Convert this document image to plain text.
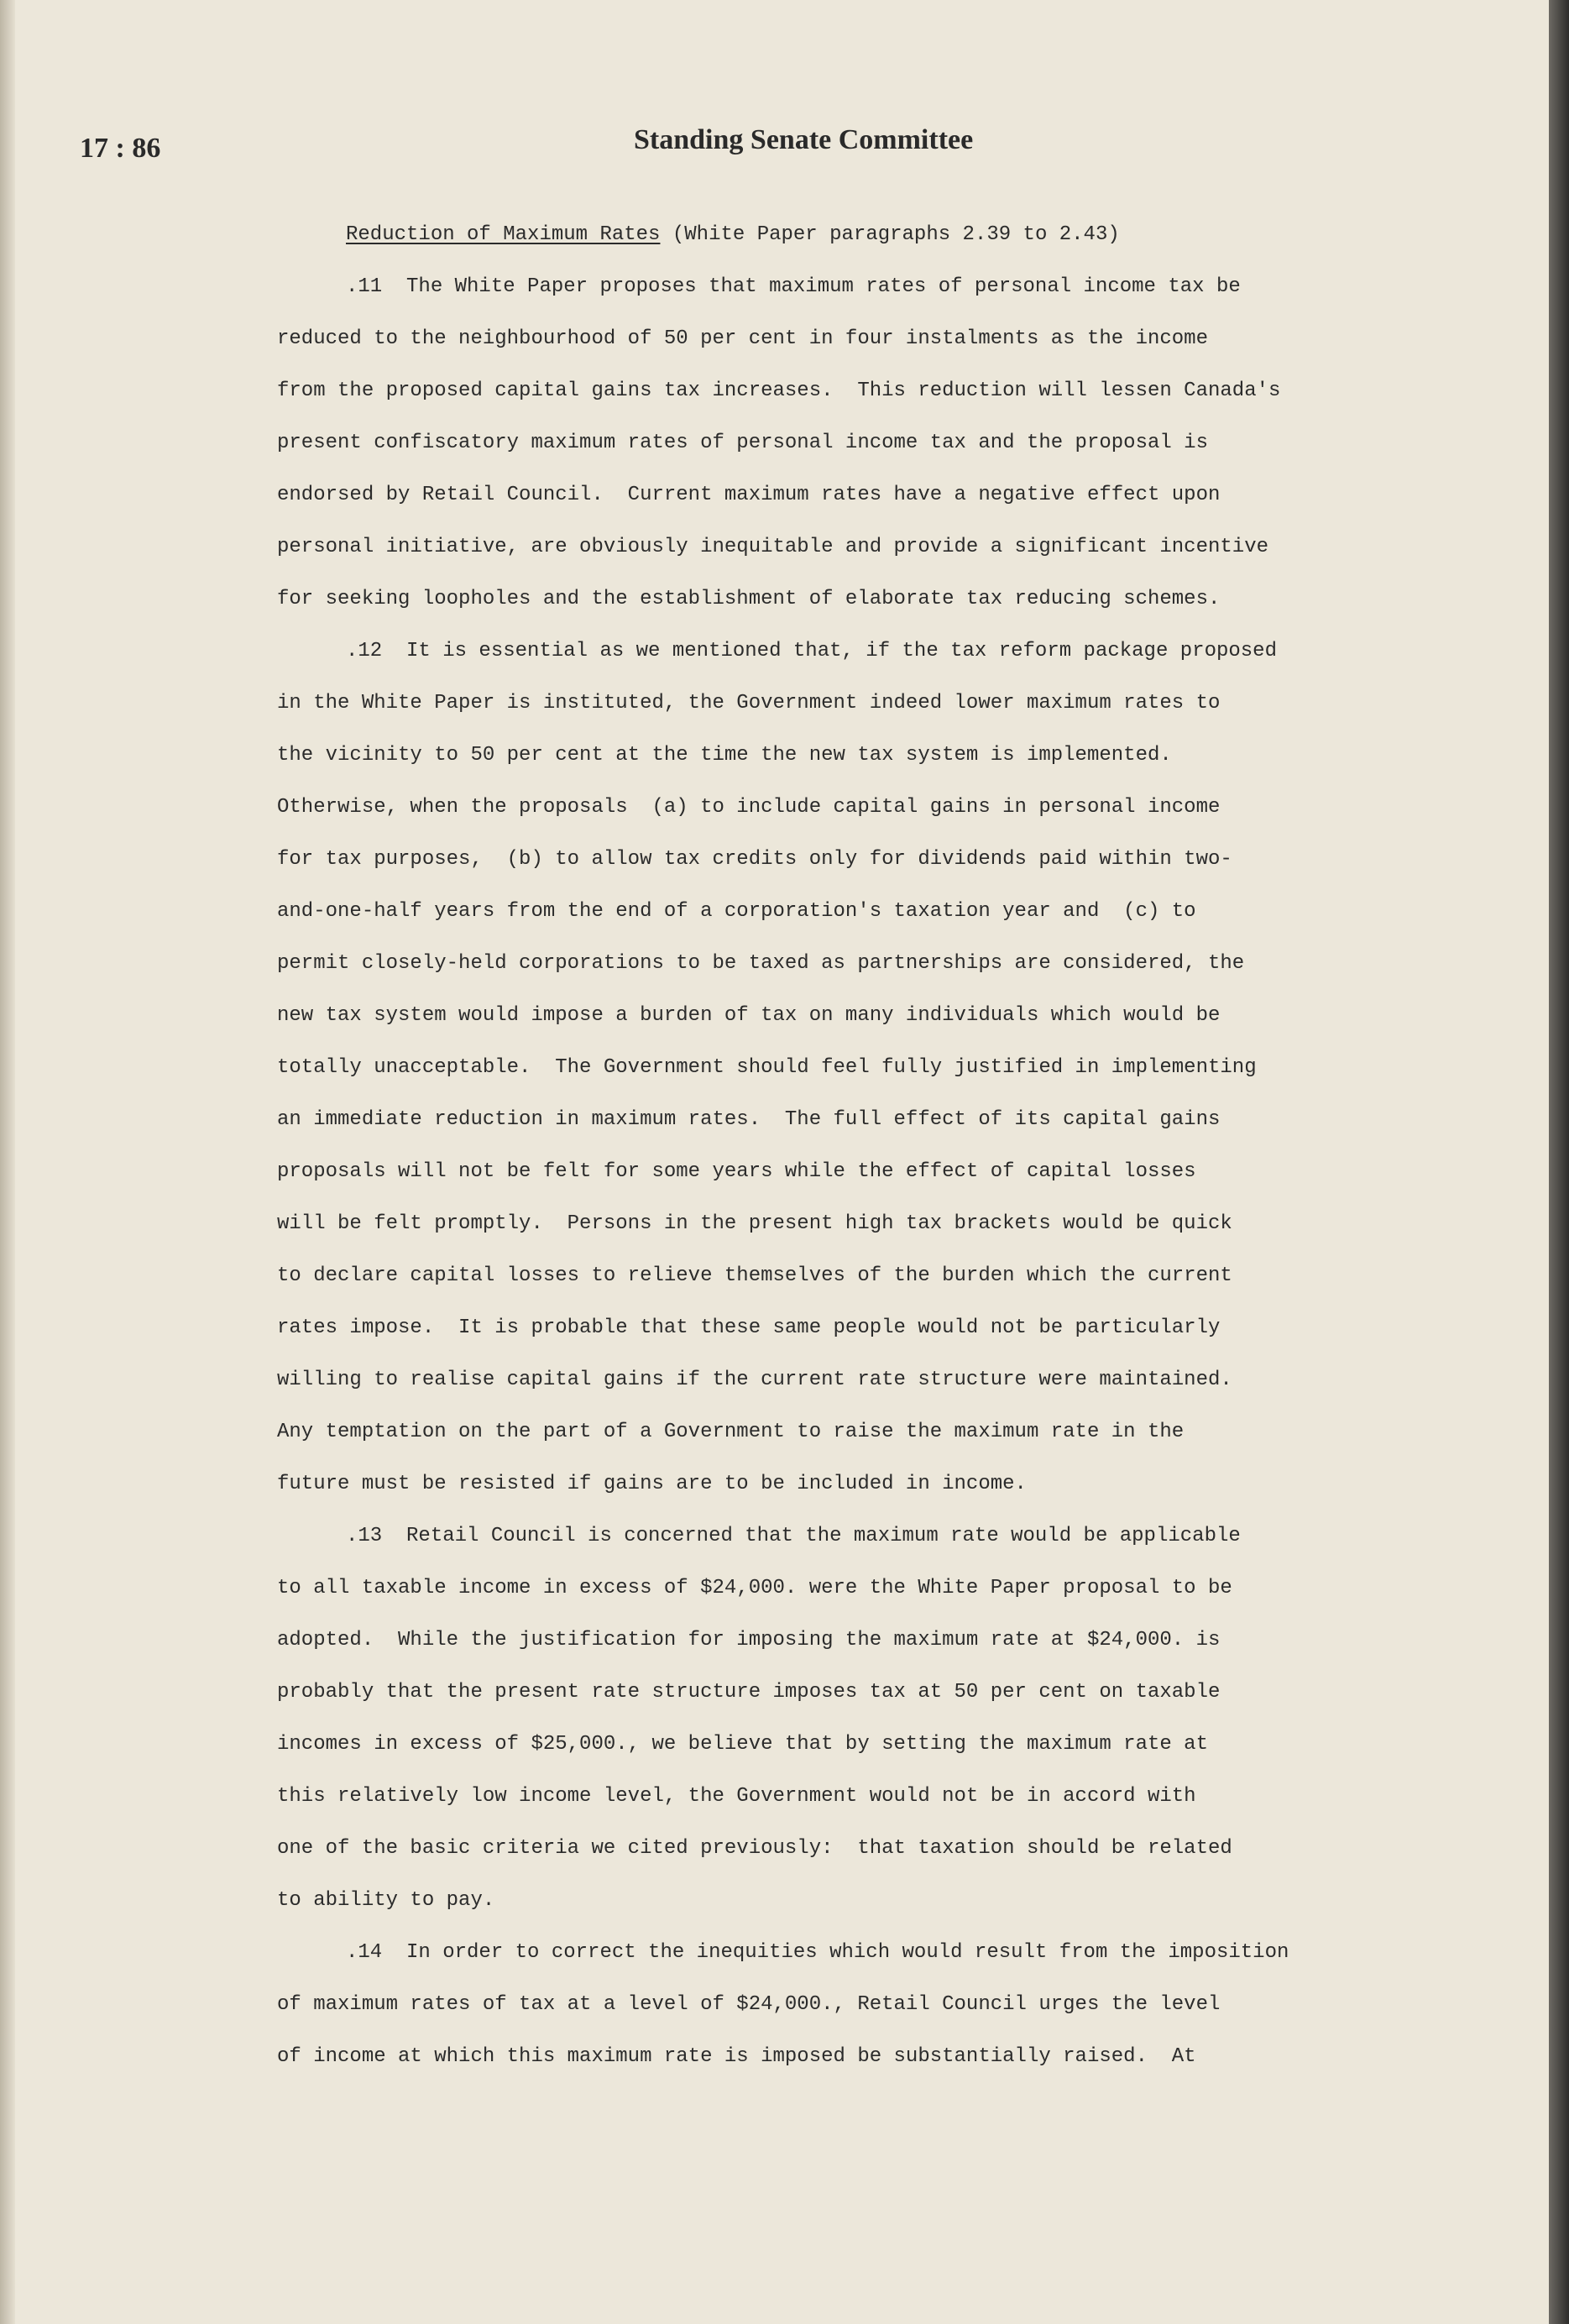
17 : 86	Standing Senate Committee
Reduction of Maximum Rates (White Paper paragraphs 2.39 to 2.43)
.11  The White Paper proposes that maximum rates of personal income tax be
reduced to the neighbourhood of 50 per cent in four instalments as the income
from the proposed capital gains tax increases.  This reduction will lessen Canada's
present confiscatory maximum rates of personal income tax and the proposal is
endorsed by Retail Council.  Current maximum rates have a negative effect upon
personal initiative, are obviously inequitable and provide a significant incentive
for seeking loopholes and the establishment of elaborate tax reducing schemes.
.12  It is essential as we mentioned that, if the tax reform package proposed
in the White Paper is instituted, the Government indeed lower maximum rates to
the vicinity to 50 per cent at the time the new tax system is implemented.
Otherwise, when the proposals  (a) to include capital gains in personal income
for tax purposes,  (b) to allow tax credits only for dividends paid within two-
and-one-half years from the end of a corporation's taxation year and  (c) to
permit closely-held corporations to be taxed as partnerships are considered, the
new tax system would impose a burden of tax on many individuals which would be
totally unacceptable.  The Government should feel fully justified in implementing
an immediate reduction in maximum rates.  The full effect of its capital gains
proposals will not be felt for some years while the effect of capital losses
will be felt promptly.  Persons in the present high tax brackets would be quick
to declare capital losses to relieve themselves of the burden which the current
rates impose.  It is probable that these same people would not be particularly
willing to realise capital gains if the current rate structure were maintained.
Any temptation on the part of a Government to raise the maximum rate in the
future must be resisted if gains are to be included in income.
.13  Retail Council is concerned that the maximum rate would be applicable
to all taxable income in excess of $24,000. were the White Paper proposal to be
adopted.  While the justification for imposing the maximum rate at $24,000. is
probably that the present rate structure imposes tax at 50 per cent on taxable
incomes in excess of $25,000., we believe that by setting the maximum rate at
this relatively low income level, the Government would not be in accord with
one of the basic criteria we cited previously:  that taxation should be related
to ability to pay.
.14  In order to correct the inequities which would result from the imposition
of maximum rates of tax at a level of $24,000., Retail Council urges the level
of income at which this maximum rate is imposed be substantially raised.  At
